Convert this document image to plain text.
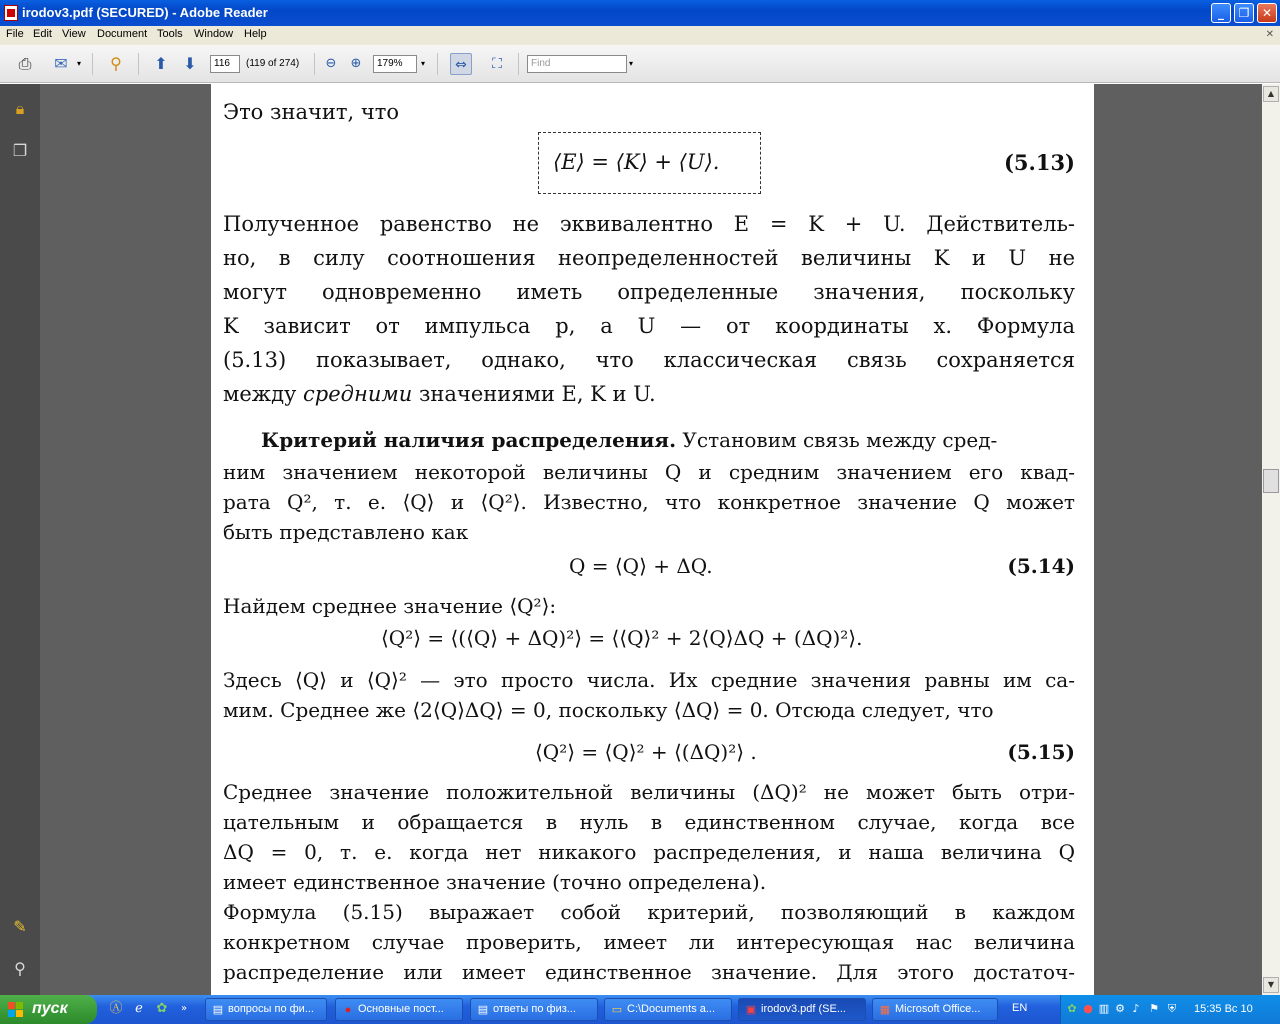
irodov3.pdf (SECURED) - Adobe Reader	_	❐	✕
File Edit View Document Tools Window Help	✕
⎙ ✉	▾	⚲	⬆ ⬇	116	(119 of 274)	⊖	⊕	179%	▾	⇔	⛶	Find	▾
🔒︎
❐
✎
⚲
Это значит, что
⟨E⟩ = ⟨K⟩ + ⟨U⟩.	(5.13)
Полученное равенство не эквивалентно E = K + U. Действитель-
но, в силу соотношения неопределенностей величины K и U не
могут одновременно иметь определенные значения, поскольку
K зависит от импульса p, а U — от координаты x. Формула
(5.13) показывает, однако, что классическая связь сохраняется
между средними значениями E, K и U.
Критерий наличия распределения. Установим связь между сред-
ним значением некоторой величины Q и средним значением его квад-
рата Q², т. е. ⟨Q⟩ и ⟨Q²⟩. Известно, что конкретное значение Q может
быть представлено как
Q = ⟨Q⟩ + ΔQ.	(5.14)
Найдем среднее значение ⟨Q²⟩:
⟨Q²⟩ = ⟨(⟨Q⟩ + ΔQ)²⟩ = ⟨⟨Q⟩² + 2⟨Q⟩ΔQ + (ΔQ)²⟩.
Здесь ⟨Q⟩ и ⟨Q⟩² — это просто числа. Их средние значения равны им са-
мим. Среднее же ⟨2⟨Q⟩ΔQ⟩ = 0, поскольку ⟨ΔQ⟩ = 0. Отсюда следует, что
⟨Q²⟩ = ⟨Q⟩² + ⟨(ΔQ)²⟩ .	(5.15)
Среднее значение положительной величины (ΔQ)² не может быть отри-
цательным и обращается в нуль в единственном случае, когда все
ΔQ = 0, т. е. когда нет никакого распределения, и наша величина Q
имеет единственное значение (точно определена).
Формула (5.15) выражает собой критерий, позволяющий в каждом
конкретном случае проверить, имеет ли интересующая нас величина
распределение или имеет единственное значение. Для этого достаточ-
▲
▼
пуск	Ⓐ ℯ	✿	»	▤ вопросы по фи...	● Основные пост...	▤ ответы по физ...	▭ C:\Documents a...	▣ irodov3.pdf (SE...	▦ Microsoft Office...	EN	✿ ● ▥ ⚙ ♪ ⚑ ⛨ 15:35 Вс 10
